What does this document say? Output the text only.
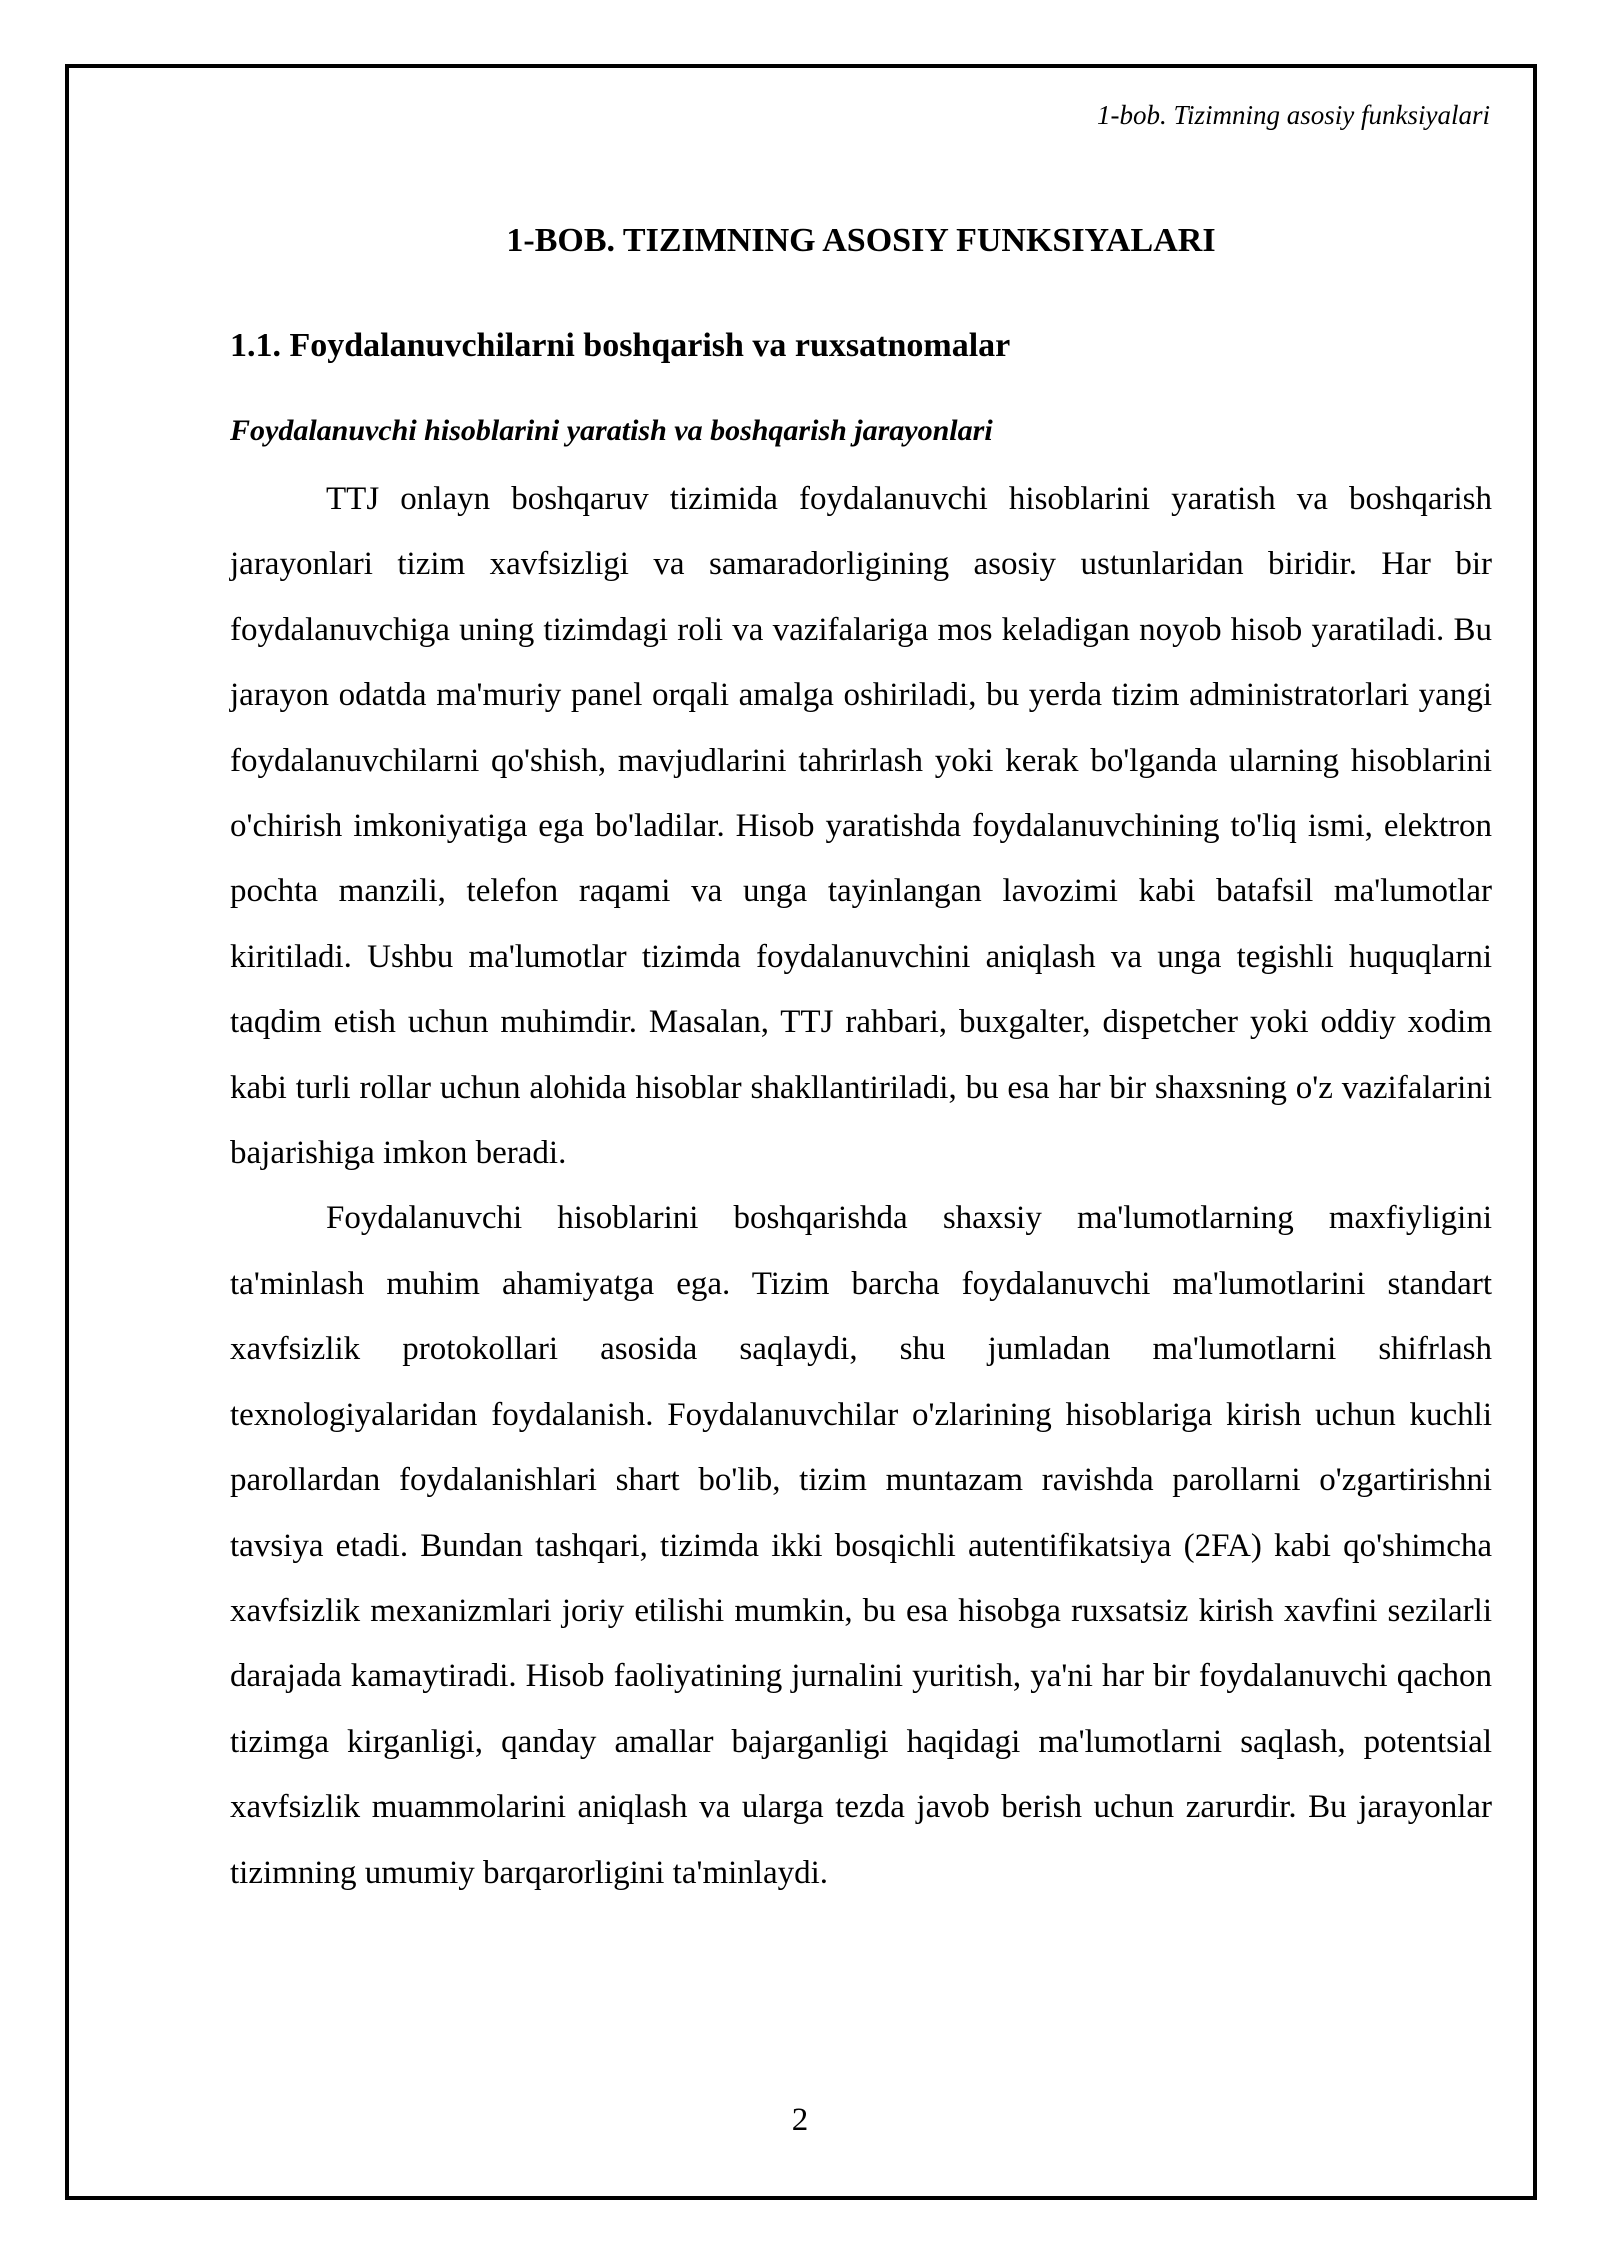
1-bob. Tizimning asosiy funksiyalari
1-BOB. TIZIMNING ASOSIY FUNKSIYALARI
1.1. Foydalanuvchilarni boshqarish va ruxsatnomalar
Foydalanuvchi hisoblarini yaratish va boshqarish jarayonlari

TTJ onlayn boshqaruv tizimida foydalanuvchi hisoblarini yaratish va boshqarish jarayonlari tizim xavfsizligi va samaradorligining asosiy ustunlaridan biridir. Har bir foydalanuvchiga uning tizimdagi roli va vazifalariga mos keladigan noyob hisob yaratiladi. Bu jarayon odatda ma'muriy panel orqali amalga oshiriladi, bu yerda tizim administratorlari yangi foydalanuvchilarni qo'shish, mavjudlarini tahrirlash yoki kerak bo'lganda ularning hisoblarini o'chirish imkoniyatiga ega bo'ladilar. Hisob yaratishda foydalanuvchining to'liq ismi, elektron pochta manzili, telefon raqami va unga tayinlangan lavozimi kabi batafsil ma'lumotlar kiritiladi. Ushbu ma'lumotlar tizimda foydalanuvchini aniqlash va unga tegishli huquqlarni taqdim etish uchun muhimdir. Masalan, TTJ rahbari, buxgalter, dispetcher yoki oddiy xodim kabi turli rollar uchun alohida hisoblar shakllantiriladi, bu esa har bir shaxsning o'z vazifalarini bajarishiga imkon beradi.

Foydalanuvchi hisoblarini boshqarishda shaxsiy ma'lumotlarning maxfiyligini ta'minlash muhim ahamiyatga ega. Tizim barcha foydalanuvchi ma'lumotlarini standart xavfsizlik protokollari asosida saqlaydi, shu jumladan ma'lumotlarni shifrlash texnologiyalaridan foydalanish. Foydalanuvchilar o'zlarining hisoblariga kirish uchun kuchli parollardan foydalanishlari shart bo'lib, tizim muntazam ravishda parollarni o'zgartirishni tavsiya etadi. Bundan tashqari, tizimda ikki bosqichli autentifikatsiya (2FA) kabi qo'shimcha xavfsizlik mexanizmlari joriy etilishi mumkin, bu esa hisobga ruxsatsiz kirish xavfini sezilarli darajada kamaytiradi. Hisob faoliyatining jurnalini yuritish, ya'ni har bir foydalanuvchi qachon tizimga kirganligi, qanday amallar bajarganligi haqidagi ma'lumotlarni saqlash, potentsial xavfsizlik muammolarini aniqlash va ularga tezda javob berish uchun zarurdir. Bu jarayonlar tizimning umumiy barqarorligini ta'minlaydi.

2
